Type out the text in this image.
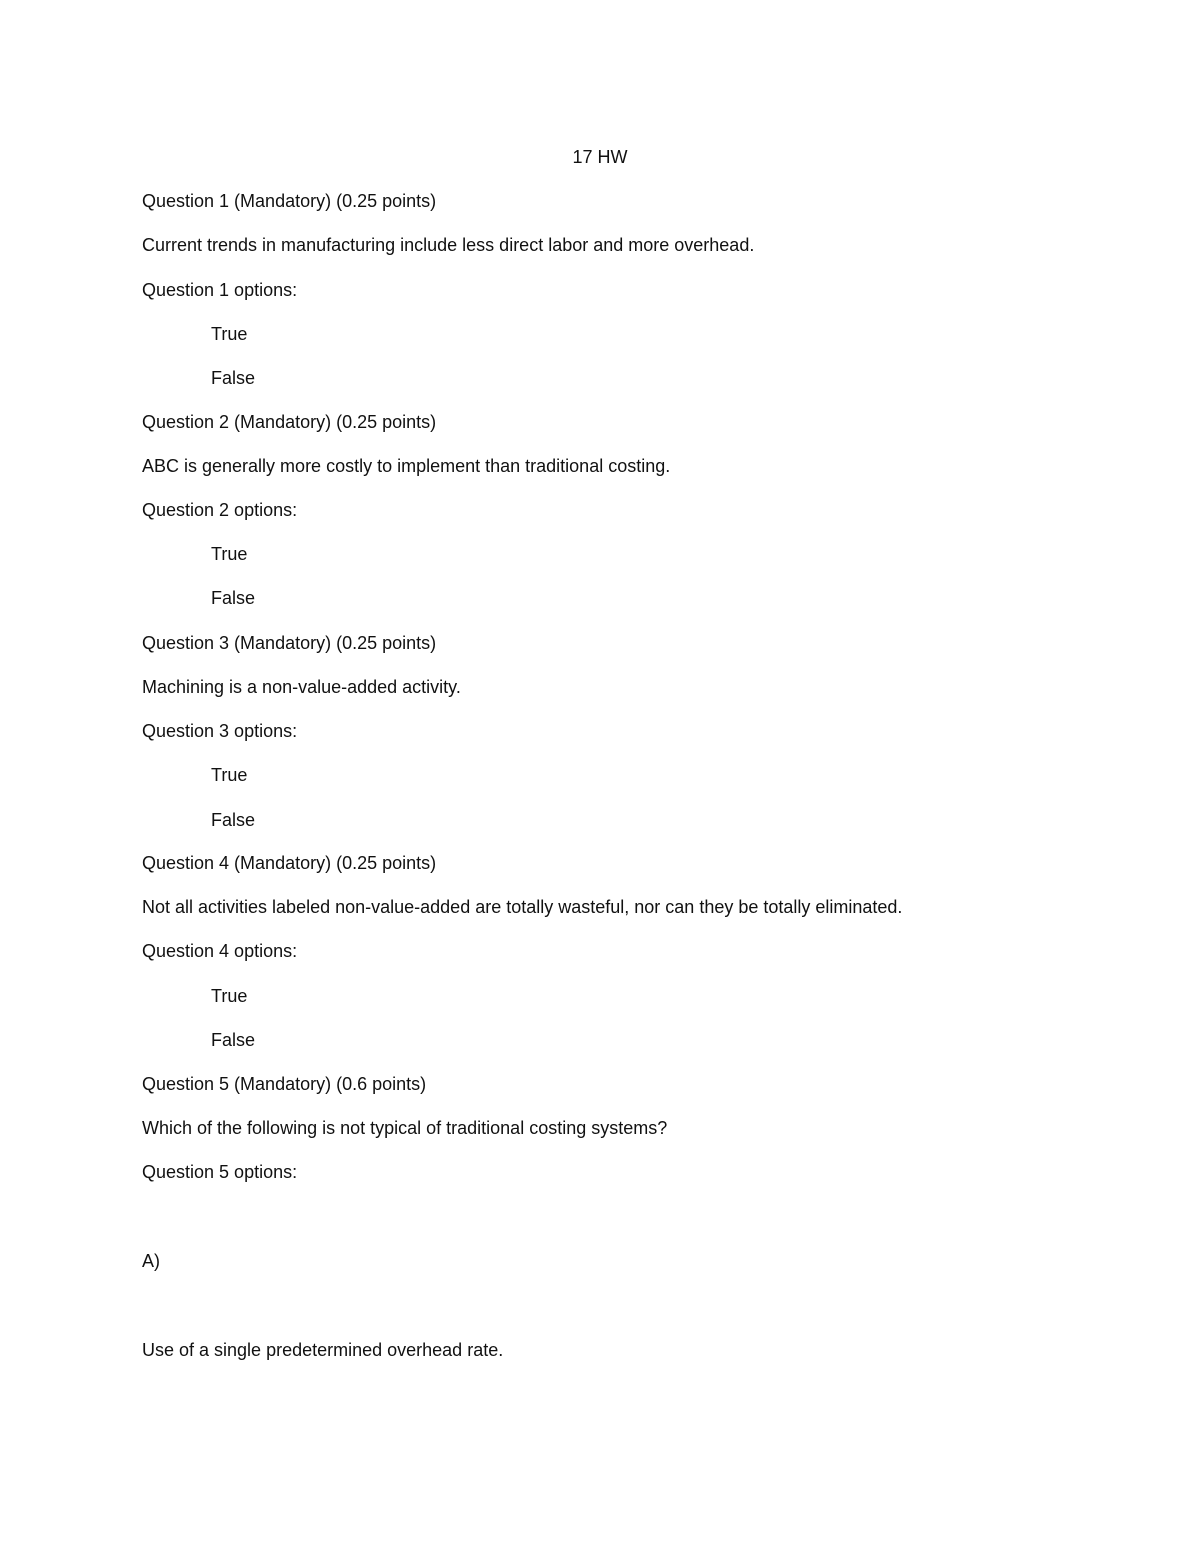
17 HW
Question 1 (Mandatory) (0.25 points)
Current trends in manufacturing include less direct labor and more overhead.
Question 1 options:
True
False
Question 2 (Mandatory) (0.25 points)
ABC is generally more costly to implement than traditional costing.
Question 2 options:
True
False
Question 3 (Mandatory) (0.25 points)
Machining is a non-value-added activity.
Question 3 options:
True
False
Question 4 (Mandatory) (0.25 points)
Not all activities labeled non-value-added are totally wasteful, nor can they be totally eliminated.
Question 4 options:
True
False
Question 5 (Mandatory) (0.6 points)
Which of the following is not typical of traditional costing systems?
Question 5 options:
A)
Use of a single predetermined overhead rate.
